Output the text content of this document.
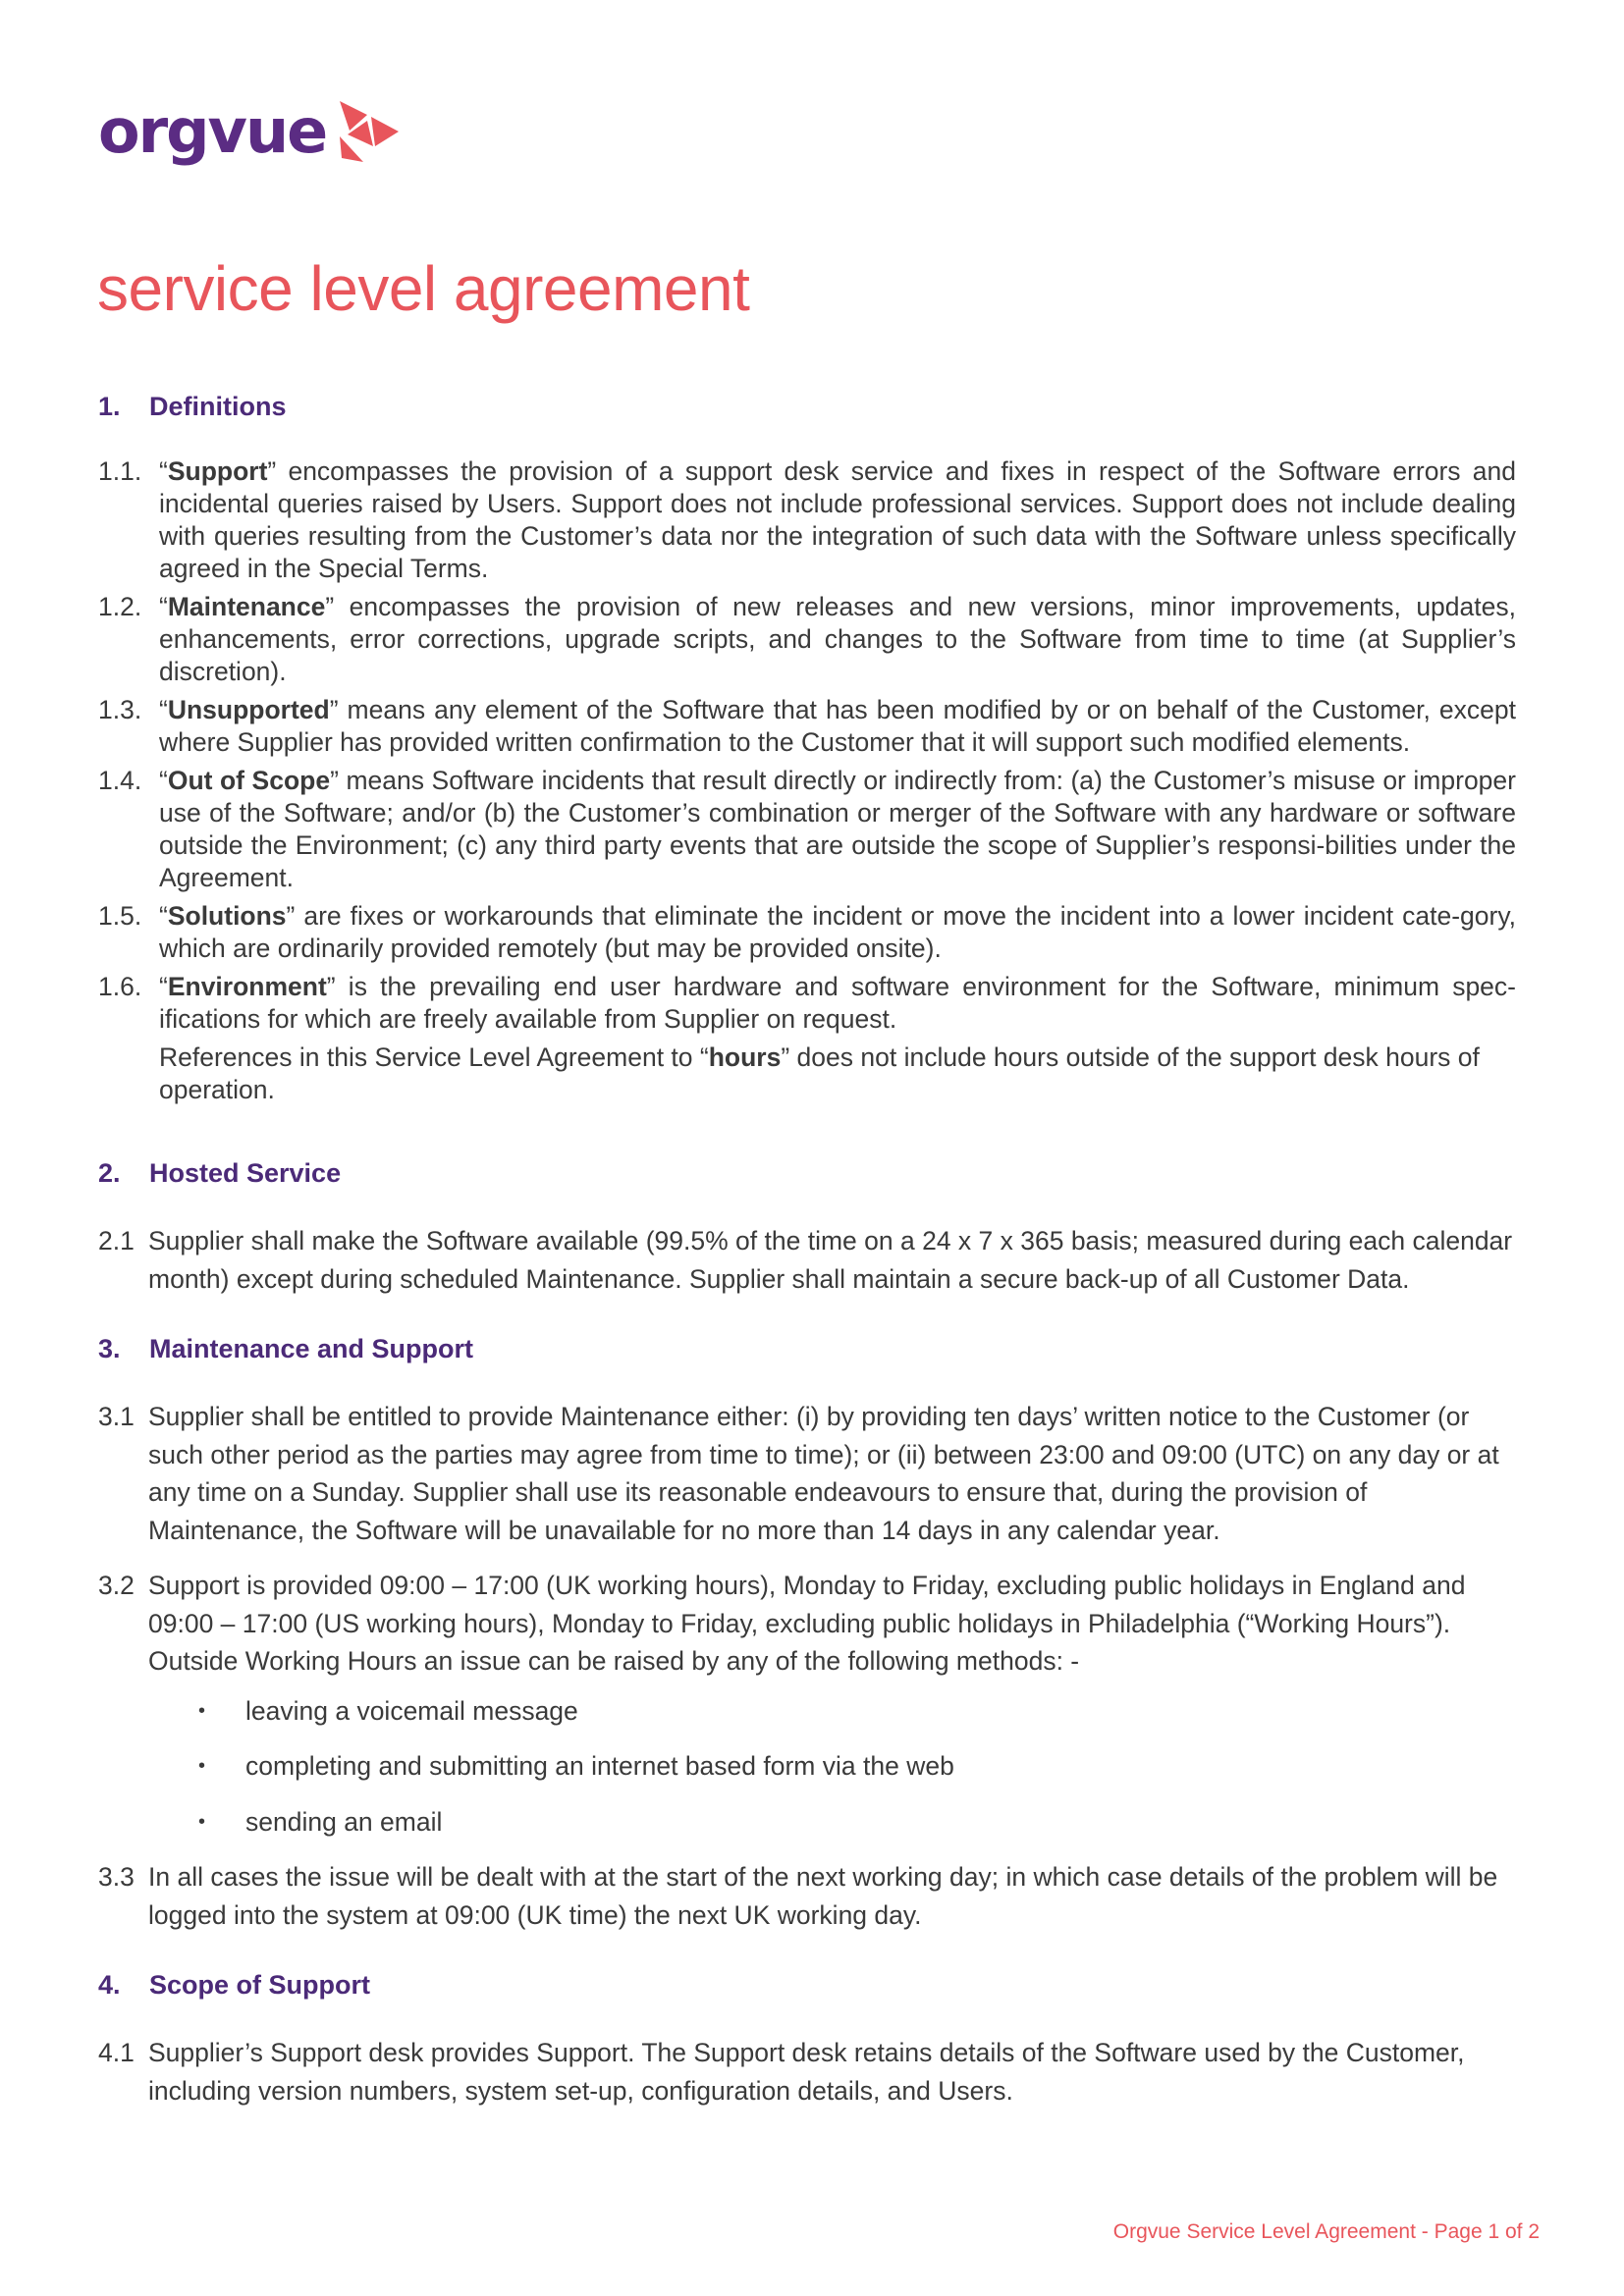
orgvue
service level agreement
1.	Definitions
1.1. “Support” encompasses the provision of a support desk service and fixes in respect of the Software errors and incidental queries raised by Users. Support does not include professional services. Support does not include dealing with queries resulting from the Customer’s data nor the integration of such data with the Software unless specifically agreed in the Special Terms.
1.2. “Maintenance” encompasses the provision of new releases and new versions, minor improvements, updates, enhancements, error corrections, upgrade scripts, and changes to the Software from time to time (at Supplier’s discretion).
1.3. “Unsupported” means any element of the Software that has been modified by or on behalf of the Customer, except where Supplier has provided written confirmation to the Customer that it will support such modified elements.
1.4. “Out of Scope” means Software incidents that result directly or indirectly from: (a) the Customer’s misuse or improper use of the Software; and/or (b) the Customer’s combination or merger of the Software with any hardware or software outside the Environment; (c) any third party events that are outside the scope of Supplier’s responsi-bilities under the Agreement.
1.5. “Solutions” are fixes or workarounds that eliminate the incident or move the incident into a lower incident cate-gory, which are ordinarily provided remotely (but may be provided onsite).
1.6. “Environment” is the prevailing end user hardware and software environment for the Software, minimum spec-ifications for which are freely available from Supplier on request.
References in this Service Level Agreement to “hours” does not include hours outside of the support desk hours of operation.
2.	Hosted Service
2.1 Supplier shall make the Software available (99.5% of the time on a 24 x 7 x 365 basis; measured during each calendar month) except during scheduled Maintenance. Supplier shall maintain a secure back-up of all Customer Data.
3.	Maintenance and Support
3.1 Supplier shall be entitled to provide Maintenance either: (i) by providing ten days’ written notice to the Customer (or such other period as the parties may agree from time to time); or (ii) between 23:00 and 09:00 (UTC) on any day or at any time on a Sunday. Supplier shall use its reasonable endeavours to ensure that, during the provision of Maintenance, the Software will be unavailable for no more than 14 days in any calendar year.
3.2 Support is provided 09:00 – 17:00 (UK working hours), Monday to Friday, excluding public holidays in England and 09:00 – 17:00 (US working hours), Monday to Friday, excluding public holidays in Philadelphia (“Working Hours”). Outside Working Hours an issue can be raised by any of the following methods: -
•	leaving a voicemail message
•	completing and submitting an internet based form via the web
•	sending an email
3.3 In all cases the issue will be dealt with at the start of the next working day; in which case details of the problem will be logged into the system at 09:00 (UK time) the next UK working day.
4.	Scope of Support
4.1 Supplier’s Support desk provides Support. The Support desk retains details of the Software used by the Customer, including version numbers, system set-up, configuration details, and Users.
Orgvue Service Level Agreement - Page 1 of 2
